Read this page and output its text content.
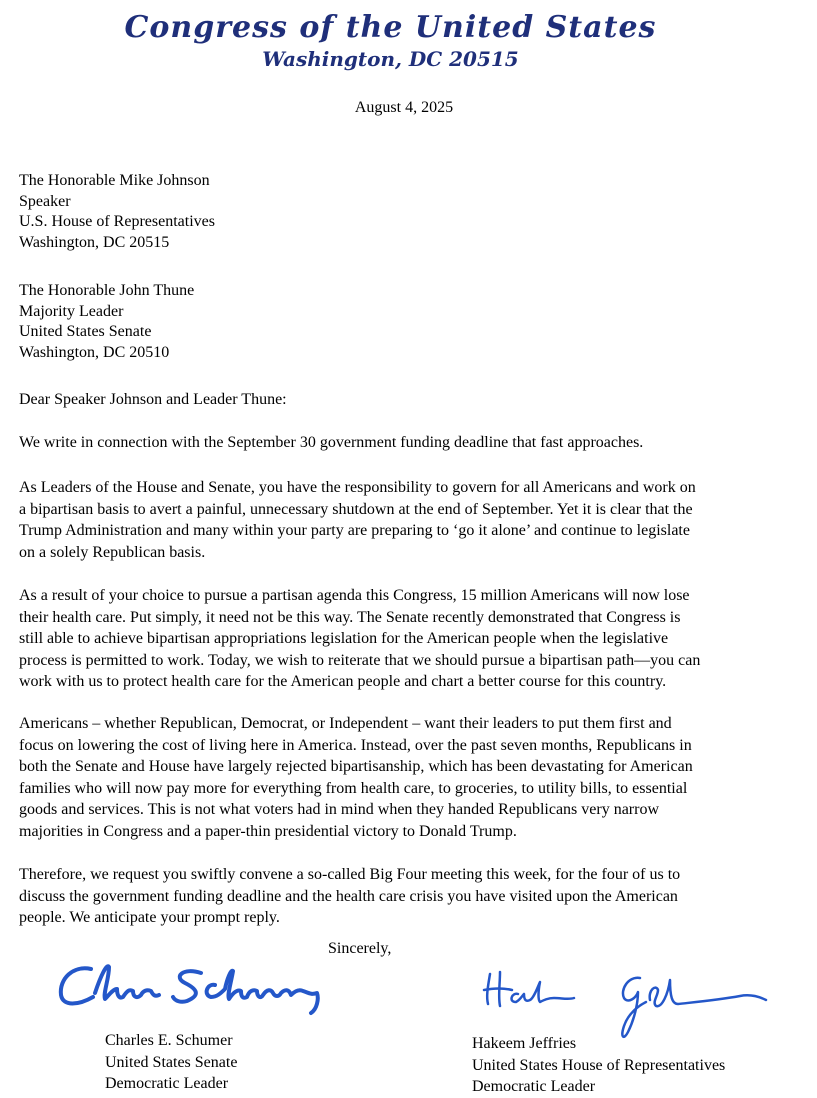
Congress of the United States
Washington, DC 20515
August 4, 2025
The Honorable Mike Johnson
Speaker
U.S. House of Representatives
Washington, DC 20515
The Honorable John Thune
Majority Leader
United States Senate
Washington, DC 20510
Dear Speaker Johnson and Leader Thune:
We write in connection with the September 30 government funding deadline that fast approaches.
As Leaders of the House and Senate, you have the responsibility to govern for all Americans and work on
a bipartisan basis to avert a painful, unnecessary shutdown at the end of September. Yet it is clear that the
Trump Administration and many within your party are preparing to ‘go it alone’ and continue to legislate
on a solely Republican basis.
As a result of your choice to pursue a partisan agenda this Congress, 15 million Americans will now lose
their health care. Put simply, it need not be this way. The Senate recently demonstrated that Congress is
still able to achieve bipartisan appropriations legislation for the American people when the legislative
process is permitted to work. Today, we wish to reiterate that we should pursue a bipartisan path—you can
work with us to protect health care for the American people and chart a better course for this country.
Americans – whether Republican, Democrat, or Independent – want their leaders to put them first and
focus on lowering the cost of living here in America. Instead, over the past seven months, Republicans in
both the Senate and House have largely rejected bipartisanship, which has been devastating for American
families who will now pay more for everything from health care, to groceries, to utility bills, to essential
goods and services. This is not what voters had in mind when they handed Republicans very narrow
majorities in Congress and a paper-thin presidential victory to Donald Trump.
Therefore, we request you swiftly convene a so-called Big Four meeting this week, for the four of us to
discuss the government funding deadline and the health care crisis you have visited upon the American
people. We anticipate your prompt reply.
Sincerely,
Charles E. Schumer
United States Senate
Democratic Leader
Hakeem Jeffries
United States House of Representatives
Democratic Leader
